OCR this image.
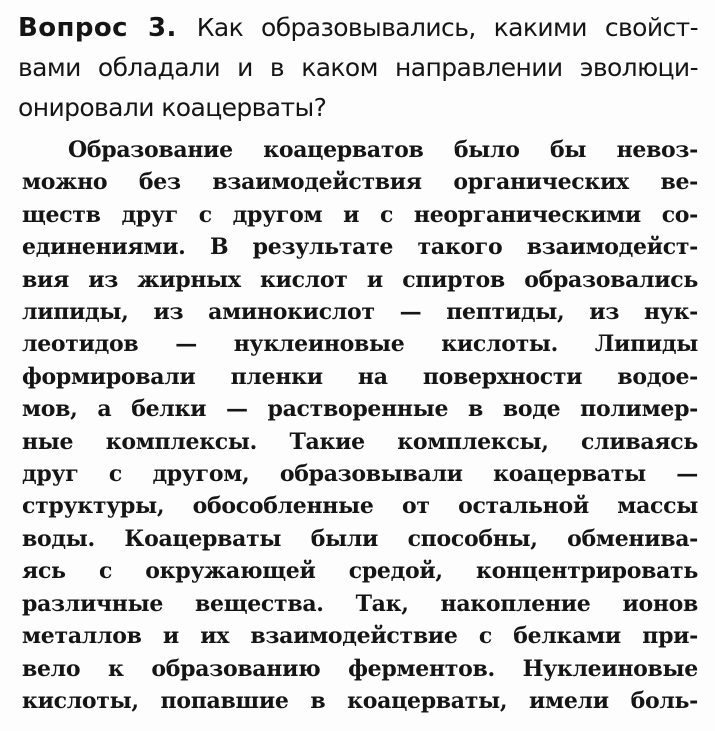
Вопрос 3. Как образовывались, какими свойст-
вами обладали и в каком направлении эволюци-
онировали коацерваты?
Образование коацерватов было бы невоз-
можно без взаимодействия органических ве-
ществ друг с другом и с неорганическими со-
единениями. В результате такого взаимодейст-
вия из жирных кислот и спиртов образовались
липиды, из аминокислот — пептиды, из нук-
леотидов — нуклеиновые кислоты. Липиды
формировали пленки на поверхности водое-
мов, а белки — растворенные в воде полимер-
ные комплексы. Такие комплексы, сливаясь
друг с другом, образовывали коацерваты —
структуры, обособленные от остальной массы
воды. Коацерваты были способны, обменива-
ясь с окружающей средой, концентрировать
различные вещества. Так, накопление ионов
металлов и их взаимодействие с белками при-
вело к образованию ферментов. Нуклеиновые
кислоты, попавшие в коацерваты, имели боль-
